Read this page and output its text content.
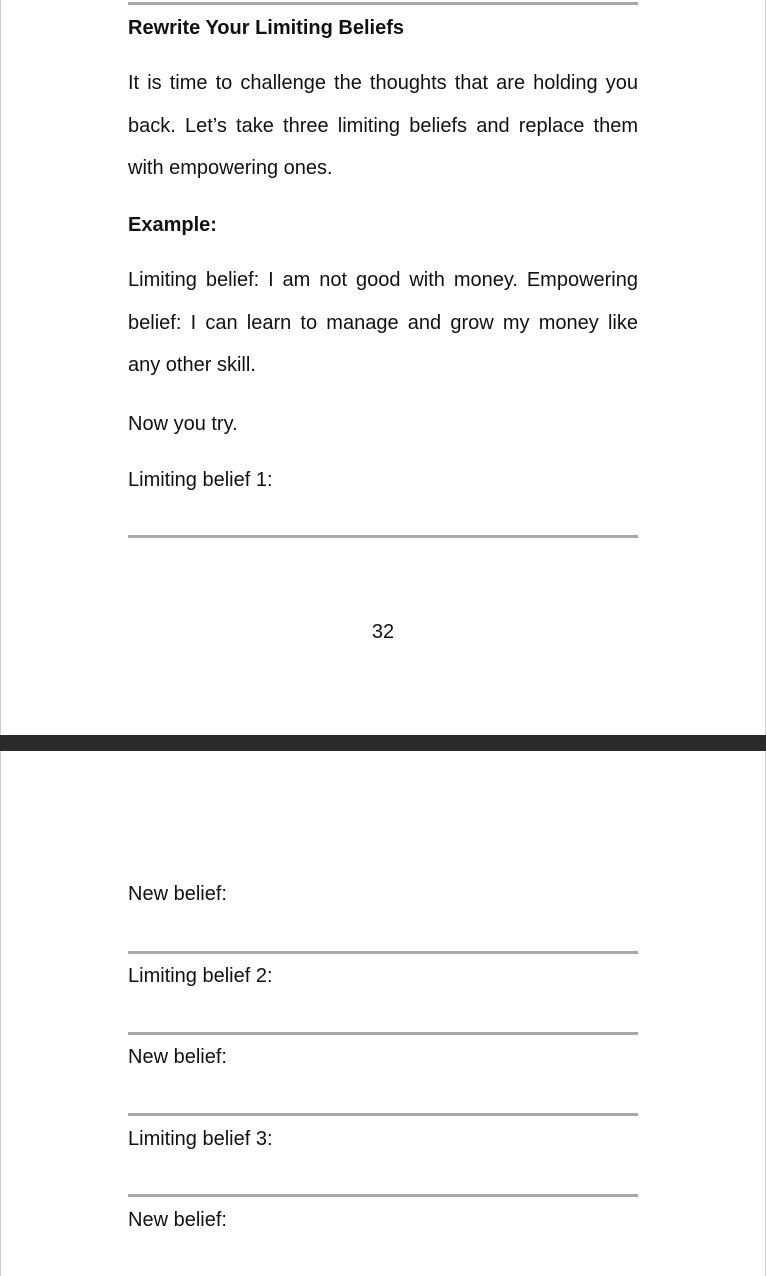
Rewrite Your Limiting Beliefs
It is time to challenge the thoughts that are holding you back. Let’s take three limiting beliefs and replace them with empowering ones.
Example:
Limiting belief: I am not good with money. Empowering belief: I can learn to manage and grow my money like any other skill.
Now you try.
Limiting belief 1:
32
New belief:
Limiting belief 2:
New belief:
Limiting belief 3:
New belief:
